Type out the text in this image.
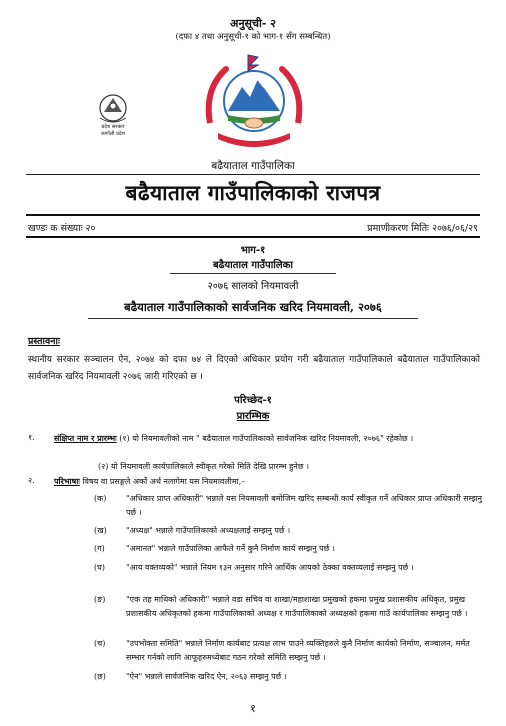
अनुसूची- २
(दफा ४ तथा अनुसूची-१ को भाग-१ सँग सम्बन्धित)
प्रदेश सरकार
कर्णाली प्रदेश
बढैयाताल गाउँपालिका
बढैयाताल गाउँपालिकाको राजपत्र
खण्डः क संख्याः २०	प्रमाणीकरण मितिः २०७६/०६/२९
भाग-१
बढैयाताल गाउँपालिका
२०७६ सालको नियमावली
बढैयाताल गाउँपालिकाको सार्वजनिक खरिद नियमावली, २०७६
प्रस्तावनाः
स्थानीय सरकार सञ्चालन ऐन, २०७४ को दफा ७४ ले दिएको अधिकार प्रयोग गरी बढैयाताल गाउँपालिकाले बढैयाताल गाउँपालिकाको सार्वजनिक खरिद नियमावली २०७६ जारी गरिएको छ ।
परिच्छेद-१
प्रारम्भिक
१. संक्षिप्त नाम र प्रारम्भः (१) यो नियमावलीको नाम " बढैयाताल गाउँपालिकाको सार्वजनिक खरिद नियमावली, २०७६" रहेकोछ ।
(२) यो नियमावली कार्यपालिकाले स्वीकृत गरेको मिति देखि प्रारम्भ हुनेछ ।
२. परिभाषाः विषय वा प्रसङ्गले अर्को अर्थ नलागेमा यस नियमावलीमा,–
(क) "अधिकार प्राप्त अधिकारी" भन्नाले यस नियमावली बमोजिम खरिद सम्बन्धी कार्य स्वीकृत गर्ने अधिकार प्राप्त अधिकारी सम्झनु पर्छ ।
(ख) "अध्यक्ष" भन्नाले गाउँपालिकाको अध्यक्षलाई सम्झनु पर्छ ।
(ग)	"अमानत" भन्नाले गाउँपालिका आफैले गर्ने कुनै निर्माण कार्य सम्झनु पर्छ ।
(घ)	"आय वक्तव्यको" भन्नाले नियम १३न अनुसार गरिने आर्थिक आयको ठेक्का वक्तव्यलाई सम्झनु पर्छ ।
(ङ)	"एक तह माथिको अधिकारी" भन्नाले वडा सचिव वा शाखा/महाशाखा प्रमुखको हकमा प्रमुख प्रशासकीय अधिकृत, प्रमुख प्रशासकीय अधिकृतको हकमा गाउँपालिकाको अध्यक्ष र गाउँपालिकाको अध्यक्षको हकमा गाउँ कार्यपालिका सम्झनु पर्छ ।
(च)	"उपभोक्ता समिति" भन्नाले निर्माण कार्यबाट प्रत्यक्ष लाभ पाउने व्यक्तिहरुले कुनै निर्माण कार्यको निर्माण, सञ्चालन, मर्मत सम्भार गर्नको लागि आफूहरुमध्येबाट गठन गरेको समिति सम्झनु पर्छ ।
(छ)	"ऐन" भन्नाले सार्वजनिक खरिद ऐन, २०६३ सम्झनु पर्छ ।
१
